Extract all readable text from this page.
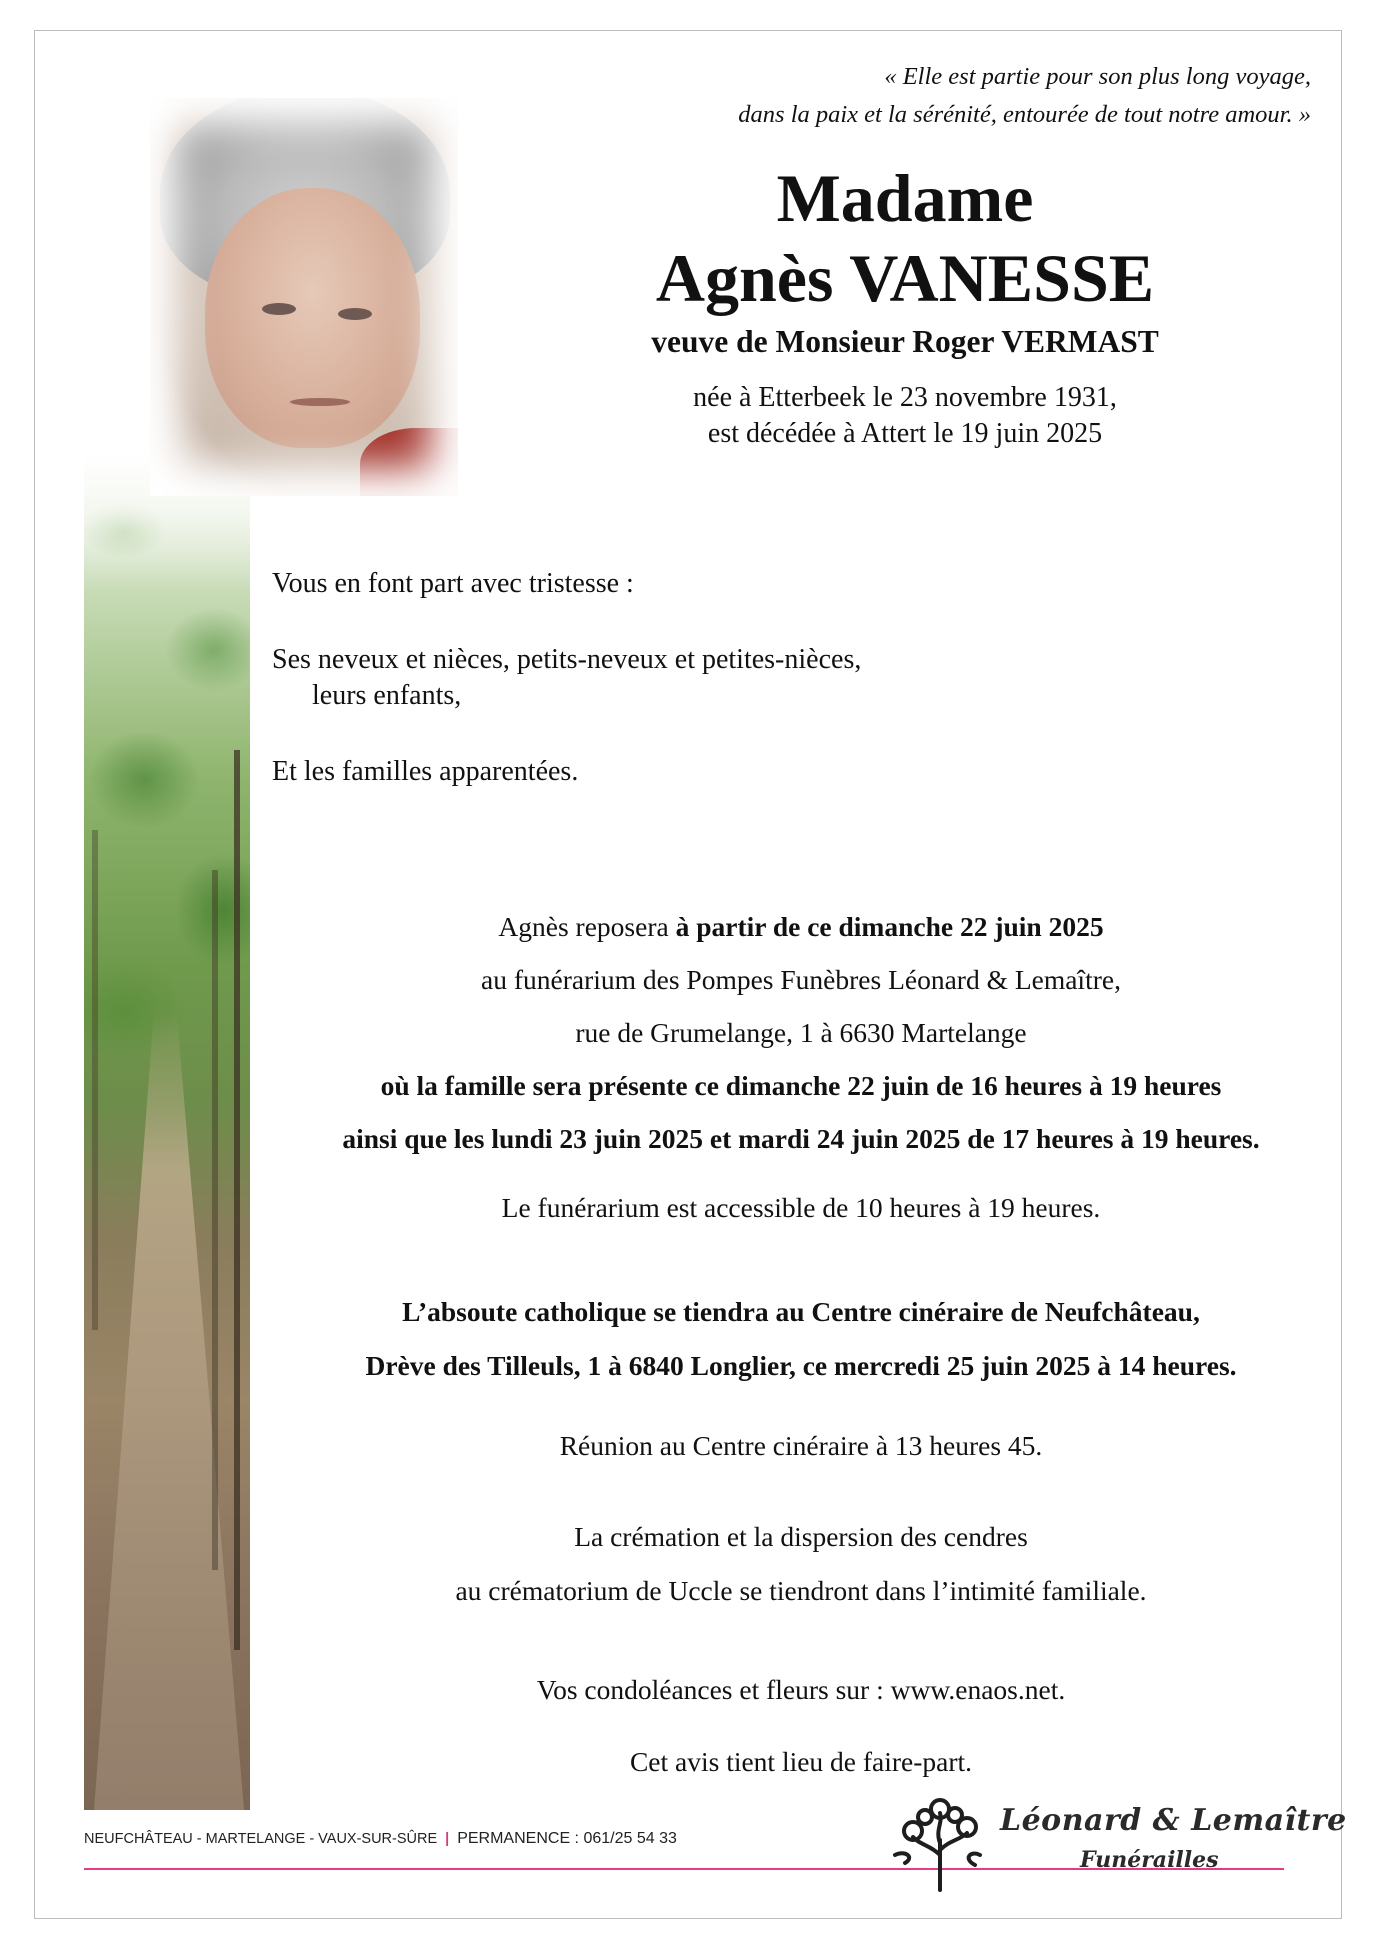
« Elle est partie pour son plus long voyage,
dans la paix et la sérénité, entourée de tout notre amour. »
Madame
Agnès VANESSE
veuve de Monsieur Roger VERMAST
née à Etterbeek le 23 novembre 1931,
est décédée à Attert le 19 juin 2025

Vous en font part avec tristesse :

Ses neveux et nièces, petits-neveux et petites-nièces,

leurs enfants,

Et les familles apparentées.

Agnès reposera à partir de ce dimanche 22 juin 2025

au funérarium des Pompes Funèbres Léonard & Lemaître,

rue de Grumelange, 1 à 6630 Martelange

où la famille sera présente ce dimanche 22 juin de 16 heures à 19 heures

ainsi que les lundi 23 juin 2025 et mardi 24 juin 2025 de 17 heures à 19 heures.

Le funérarium est accessible de 10 heures à 19 heures.

L’absoute catholique se tiendra au Centre cinéraire de Neufchâteau,

Drève des Tilleuls, 1 à 6840 Longlier, ce mercredi 25 juin 2025 à 14 heures.

Réunion au Centre cinéraire à 13 heures 45.

La crémation et la dispersion des cendres

au crématorium de Uccle se tiendront dans l’intimité familiale.

Vos condoléances et fleurs sur : www.enaos.net.

Cet avis tient lieu de faire-part.

NEUFCHÂTEAU - MARTELANGE - VAUX-SUR-SÛRE | PERMANENCE : 061/25 54 33
Léonard & Lemaître
Funérailles
